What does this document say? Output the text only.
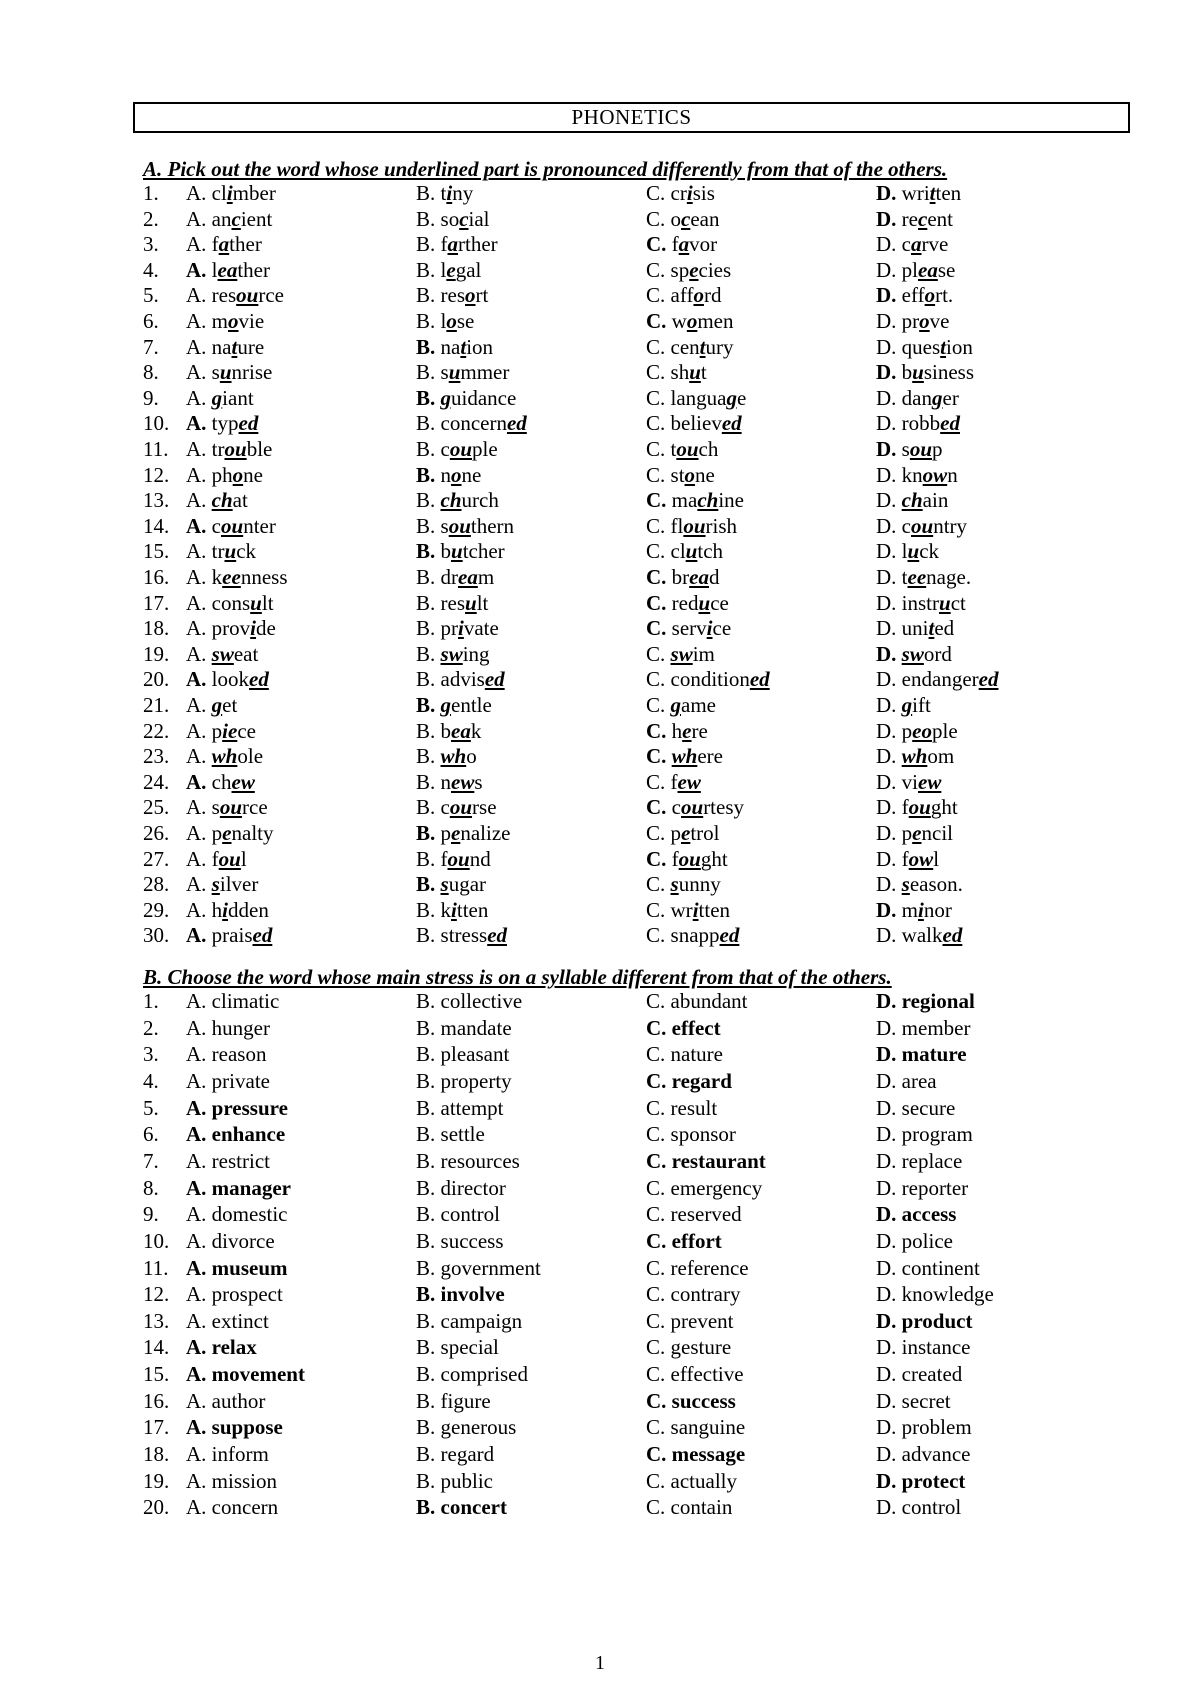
PHONETICS
A. Pick out the word whose underlined part is pronounced differently from that of the others.
1.	A. climber	B. tiny	C. crisis	D. written
2.	A. ancient	B. social	C. ocean	D. recent
3.	A. father	B. farther	C. favor	D. carve
4.	A. leather	B. legal	C. species	D. please
5.	A. resource	B. resort	C. afford	D. effort.
6.	A. movie	B. lose	C. women	D. prove
7.	A. nature	B. nation	C. century	D. question
8.	A. sunrise	B. summer	C. shut	D. business
9.	A. giant	B. guidance	C. language	D. danger
10. A. typed	B. concerned	C. believed	D. robbed
11. A. trouble	B. couple	C. touch	D. soup
12. A. phone	B. none	C. stone	D. known
13. A. chat	B. church	C. machine	D. chain
14. A. counter	B. southern	C. flourish	D. country
15. A. truck	B. butcher	C. clutch	D. luck
16. A. keenness	B. dream	C. bread	D. teenage.
17. A. consult	B. result	C. reduce	D. instruct
18. A. provide	B. private	C. service	D. united
19. A. sweat	B. swing	C. swim	D. sword
20. A. looked	B. advised	C. conditioned	D. endangered
21. A. get	B. gentle	C. game	D. gift
22. A. piece	B. beak	C. here	D. people
23. A. whole	B. who	C. where	D. whom
24. A. chew	B. news	C. few	D. view
25. A. source	B. course	C. courtesy	D. fought
26. A. penalty	B. penalize	C. petrol	D. pencil
27. A. foul	B. found	C. fought	D. fowl
28. A. silver	B. sugar	C. sunny	D. season.
29. A. hidden	B. kitten	C. written	D. minor
30. A. praised	B. stressed	C. snapped	D. walked
B. Choose the word whose main stress is on a syllable different from that of the others.
1.	A. climatic	B. collective	C. abundant	D. regional
2.	A. hunger	B. mandate	C. effect	D. member
3.	A. reason	B. pleasant	C. nature	D. mature
4.	A. private	B. property	C. regard	D. area
5.	A. pressure	B. attempt	C. result	D. secure
6.	A. enhance	B. settle	C. sponsor	D. program
7.	A. restrict	B. resources	C. restaurant	D. replace
8.	A. manager	B. director	C. emergency	D. reporter
9.	A. domestic	B. control	C. reserved	D. access
10. A. divorce	B. success	C. effort	D. police
11. A. museum	B. government	C. reference	D. continent
12. A. prospect	B. involve	C. contrary	D. knowledge
13. A. extinct	B. campaign	C. prevent	D. product
14. A. relax	B. special	C. gesture	D. instance
15. A. movement	B. comprised	C. effective	D. created
16. A. author	B. figure	C. success	D. secret
17. A. suppose	B. generous	C. sanguine	D. problem
18. A. inform	B. regard	C. message	D. advance
19. A. mission	B. public	C. actually	D. protect
20. A. concern	B. concert	C. contain	D. control
1
